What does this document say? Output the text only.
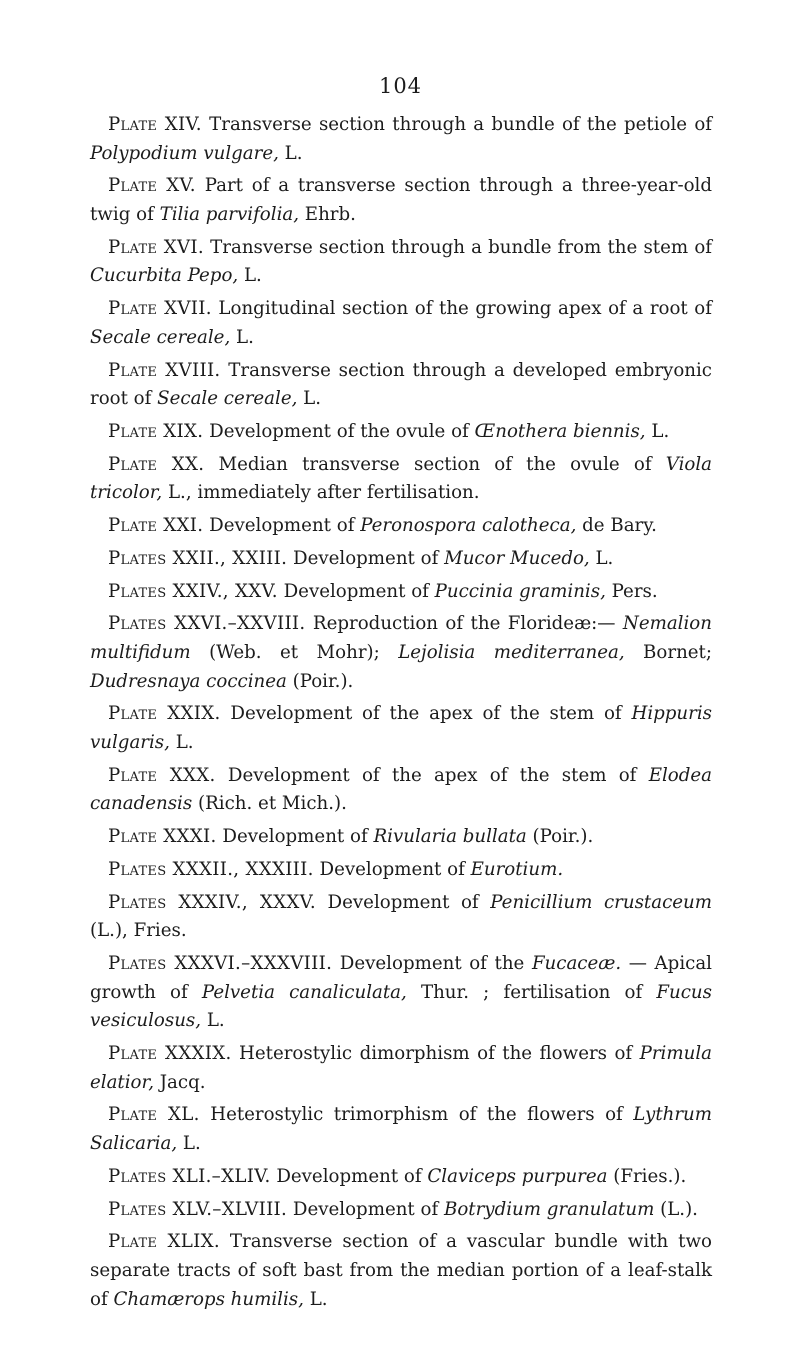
104

Plate XIV. Transverse section through a bundle of the petiole of Polypodium vulgare, L.

Plate XV. Part of a transverse section through a three-year-old twig of Tilia parvifolia, Ehrb.

Plate XVI. Transverse section through a bundle from the stem of Cucurbita Pepo, L.

Plate XVII. Longitudinal section of the growing apex of a root of Secale cereale, L.

Plate XVIII. Transverse section through a developed embryonic root of Secale cereale, L.

Plate XIX. Development of the ovule of Œnothera biennis, L.

Plate XX. Median transverse section of the ovule of Viola tricolor, L., immediately after fertilisation.

Plate XXI. Development of Peronospora calotheca, de Bary.

Plates XXII., XXIII. Development of Mucor Mucedo, L.

Plates XXIV., XXV. Development of Puccinia graminis, Pers.

Plates XXVI.–XXVIII. Reproduction of the Florideæ:— Nemalion multifidum (Web. et Mohr); Lejolisia mediterranea, Bornet; Dudresnaya coccinea (Poir.).

Plate XXIX. Development of the apex of the stem of Hippuris vulgaris, L.

Plate XXX. Development of the apex of the stem of Elodea canadensis (Rich. et Mich.).

Plate XXXI. Development of Rivularia bullata (Poir.).

Plates XXXII., XXXIII. Development of Eurotium.

Plates XXXIV., XXXV. Development of Penicillium crustaceum (L.), Fries.

Plates XXXVI.–XXXVIII. Development of the Fucaceæ. — Apical growth of Pelvetia canaliculata, Thur. ; fertilisation of Fucus vesiculosus, L.

Plate XXXIX. Heterostylic dimorphism of the flowers of Primula elatior, Jacq.

Plate XL. Heterostylic trimorphism of the flowers of Lythrum Salicaria, L.

Plates XLI.–XLIV. Development of Claviceps purpurea (Fries.).

Plates XLV.–XLVIII. Development of Botrydium granulatum (L.).

Plate XLIX. Transverse section of a vascular bundle with two separate tracts of soft bast from the median portion of a leaf-stalk of Chamærops humilis, L.
